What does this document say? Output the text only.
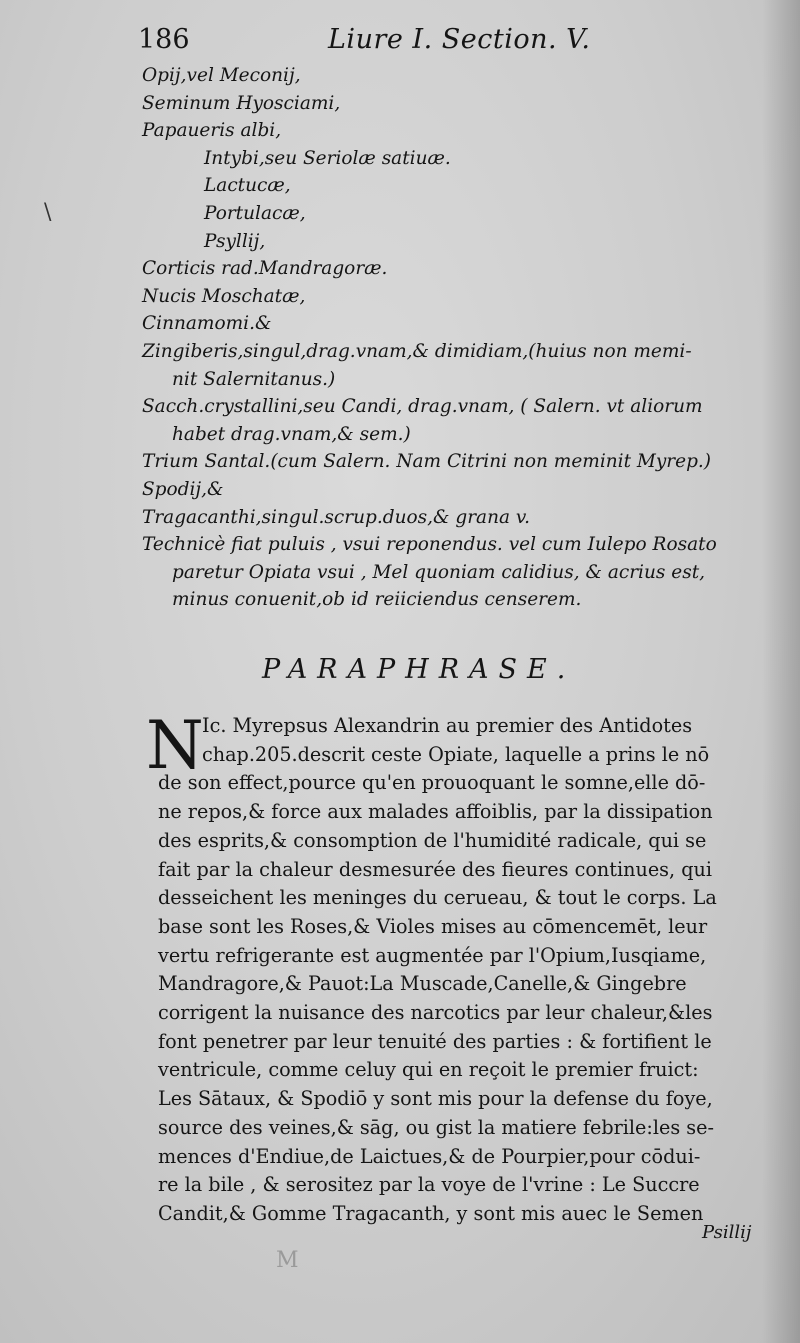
186	Liure I. Section. V.
\
Opij,vel Meconij,
Seminum Hyosciami,
Papaueris albi,
Intybi,seu Seriolæ satiuæ.
Lactucæ,
Portulacæ,
Psyllij,
Corticis rad.Mandragoræ.
Nucis Moschatæ,
Cinnamomi.&
Zingiberis,singul,drag.vnam,& dimidiam,(huius non memi-
nit Salernitanus.)
Sacch.crystallini,seu Candi, drag.vnam, ( Salern. vt aliorum
habet drag.vnam,& sem.)
Trium Santal.(cum Salern. Nam Citrini non meminit Myrep.)
Spodij,&
Tragacanthi,singul.scrup.duos,& grana v.
Technicè fiat puluis , vsui reponendus. vel cum Iulepo Rosato
paretur Opiata vsui , Mel quoniam calidius, & acrius est,
minus conuenit,ob id reiiciendus censerem.
PARAPHRASE.
N
Ic. Myrepsus Alexandrin au premier des Antidotes
chap.205.descrit ceste Opiate, laquelle a prins le nō
de son effect,pource qu'en prouoquant le somne,elle dō-
ne repos,& force aux malades affoiblis, par la dissipation
des esprits,& consomption de l'humidité radicale, qui se
fait par la chaleur desmesurée des fieures continues, qui
desseichent les meninges du cerueau, & tout le corps. La
base sont les Roses,& Violes mises au cōmencemēt, leur
vertu refrigerante est augmentée par l'Opium,Iusqiame,
Mandragore,& Pauot:La Muscade,Canelle,& Gingebre
corrigent la nuisance des narcotics par leur chaleur,&les
font penetrer par leur tenuité des parties : & fortifient le
ventricule, comme celuy qui en reçoit le premier fruict:
Les Sātaux, & Spodiō y sont mis pour la defense du foye,
source des veines,& sāg, ou gist la matiere febrile:les se-
mences d'Endiue,de Laictues,& de Pourpier,pour cōdui-
re la bile , & serositez par la voye de l'vrine : Le Succre
Candit,& Gomme Tragacanth, y sont mis auec le Semen
Psillij
M
